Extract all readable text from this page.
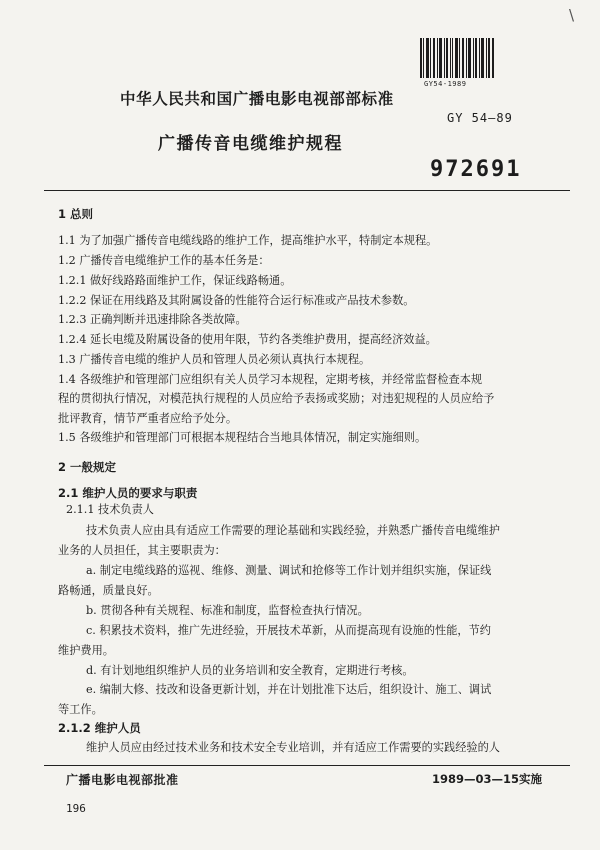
\
GY54-1989
中华人民共和国广播电影电视部部标准
GY 54—89
广播传音电缆维护规程
972691
1 总则
1.1 为了加强广播传音电缆线路的维护工作，提高维护水平，特制定本规程。
1.2 广播传音电缆维护工作的基本任务是：
1.2.1 做好线路路面维护工作，保证线路畅通。
1.2.2 保证在用线路及其附属设备的性能符合运行标准或产品技术参数。
1.2.3 正确判断并迅速排除各类故障。
1.2.4 延长电缆及附属设备的使用年限，节约各类维护费用，提高经济效益。
1.3 广播传音电缆的维护人员和管理人员必须认真执行本规程。
1.4 各级维护和管理部门应组织有关人员学习本规程，定期考核，并经常监督检查本规
程的贯彻执行情况，对模范执行规程的人员应给予表扬或奖励；对违犯规程的人员应给予
批评教育，情节严重者应给予处分。
1.5 各级维护和管理部门可根据本规程结合当地具体情况，制定实施细则。
2 一般规定
2.1 维护人员的要求与职责
2.1.1 技术负责人
技术负责人应由具有适应工作需要的理论基础和实践经验，并熟悉广播传音电缆维护
业务的人员担任，其主要职责为：
a. 制定电缆线路的巡视、维修、测量、调试和抢修等工作计划并组织实施，保证线
路畅通，质量良好。
b. 贯彻各种有关规程、标准和制度，监督检查执行情况。
c. 积累技术资料，推广先进经验，开展技术革新，从而提高现有设施的性能，节约
维护费用。
d. 有计划地组织维护人员的业务培训和安全教育，定期进行考核。
e. 编制大修、技改和设备更新计划，并在计划批准下达后，组织设计、施工、调试
等工作。
2.1.2 维护人员
维护人员应由经过技术业务和技术安全专业培训，并有适应工作需要的实践经验的人
广播电影电视部批准	1989—03—15实施
196
